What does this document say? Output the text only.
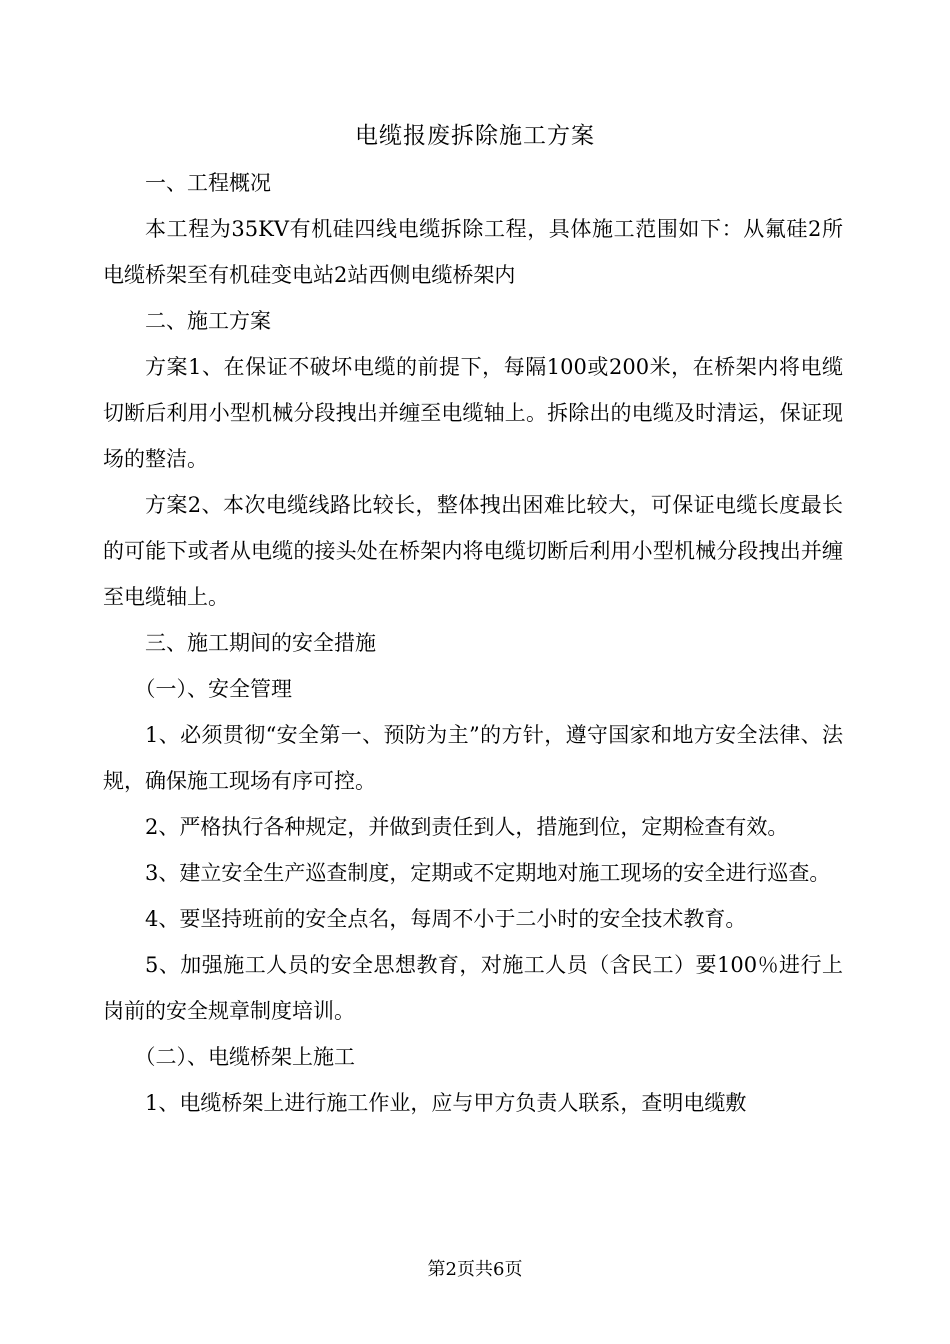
电缆报废拆除施工方案

一、工程概况

本工程为35KV有机硅四线电缆拆除工程，具体施工范围如下：从氟硅2所电缆桥架至有机硅变电站2站西侧电缆桥架内

二、施工方案

方案1、在保证不破坏电缆的前提下，每隔100或200米，在桥架内将电缆切断后利用小型机械分段拽出并缠至电缆轴上。拆除出的电缆及时清运，保证现场的整洁。

方案2、本次电缆线路比较长，整体拽出困难比较大，可保证电缆长度最长的可能下或者从电缆的接头处在桥架内将电缆切断后利用小型机械分段拽出并缠至电缆轴上。

三、施工期间的安全措施

（一）、安全管理

1、必须贯彻“安全第一、预防为主”的方针，遵守国家和地方安全法律、法规，确保施工现场有序可控。

2、严格执行各种规定，并做到责任到人，措施到位，定期检查有效。

3、建立安全生产巡查制度，定期或不定期地对施工现场的安全进行巡查。

4、要坚持班前的安全点名，每周不小于二小时的安全技术教育。

5、加强施工人员的安全思想教育，对施工人员（含民工）要100％进行上岗前的安全规章制度培训。

（二）、电缆桥架上施工

1、电缆桥架上进行施工作业，应与甲方负责人联系，查明电缆敷

第2页共6页
